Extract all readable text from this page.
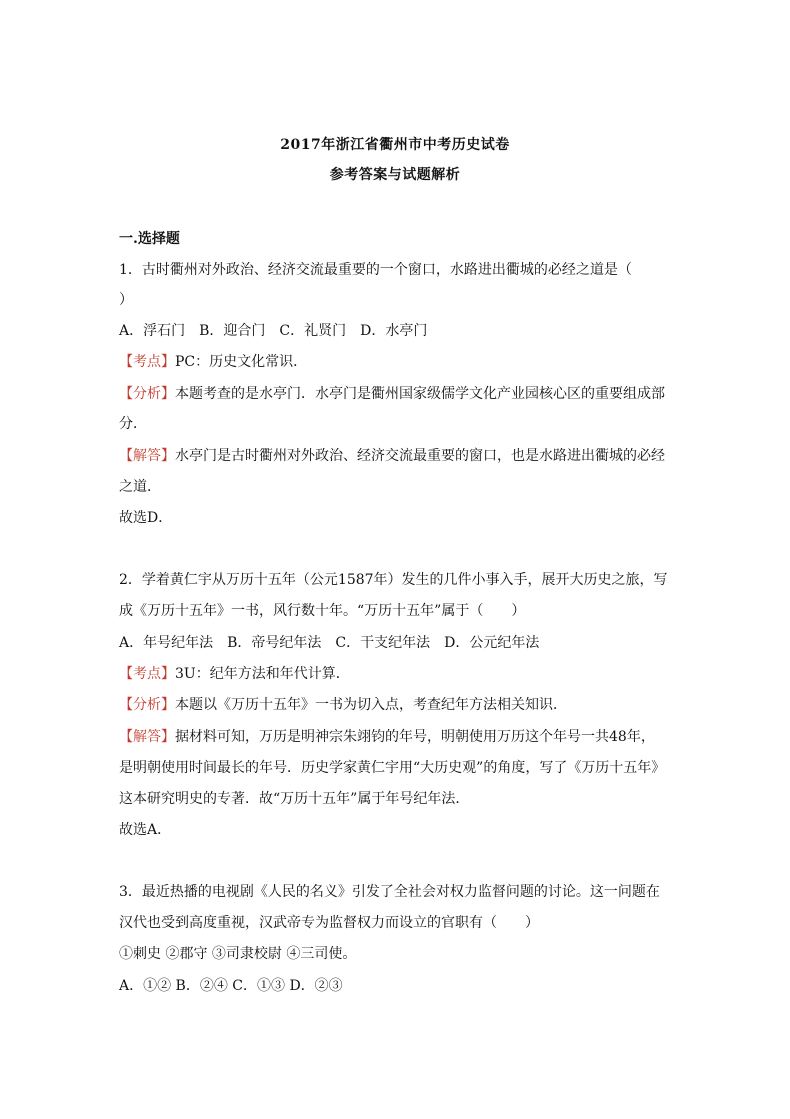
2017年浙江省衢州市中考历史试卷
参考答案与试题解析
一.选择题
1．古时衢州对外政治、经济交流最重要的一个窗口，水路进出衢城的必经之道是（
）
A．浮石门　B．迎合门　C．礼贤门　D．水亭门
【考点】PC：历史文化常识．
【分析】本题考查的是水亭门．水亭门是衢州国家级儒学文化产业园核心区的重要组成部
分．
【解答】水亭门是古时衢州对外政治、经济交流最重要的窗口，也是水路进出衢城的必经
之道．
故选D．
2．学着黄仁宇从万历十五年（公元1587年）发生的几件小事入手，展开大历史之旅，写
成《万历十五年》一书，风行数十年。“万历十五年”属于（　　）
A．年号纪年法　B．帝号纪年法　C．干支纪年法　D．公元纪年法
【考点】3U：纪年方法和年代计算．
【分析】本题以《万历十五年》一书为切入点，考查纪年方法相关知识．
【解答】据材料可知，万历是明神宗朱翊钧的年号，明朝使用万历这个年号一共48年，
是明朝使用时间最长的年号．历史学家黄仁宇用“大历史观”的角度，写了《万历十五年》
这本研究明史的专著．故“万历十五年”属于年号纪年法．
故选A．
3．最近热播的电视剧《人民的名义》引发了全社会对权力监督问题的讨论。这一问题在
汉代也受到高度重视，汉武帝专为监督权力而设立的官职有（　　）
①刺史 ②郡守 ③司隶校尉 ④三司使。
A．①② B．②④ C．①③ D．②③
